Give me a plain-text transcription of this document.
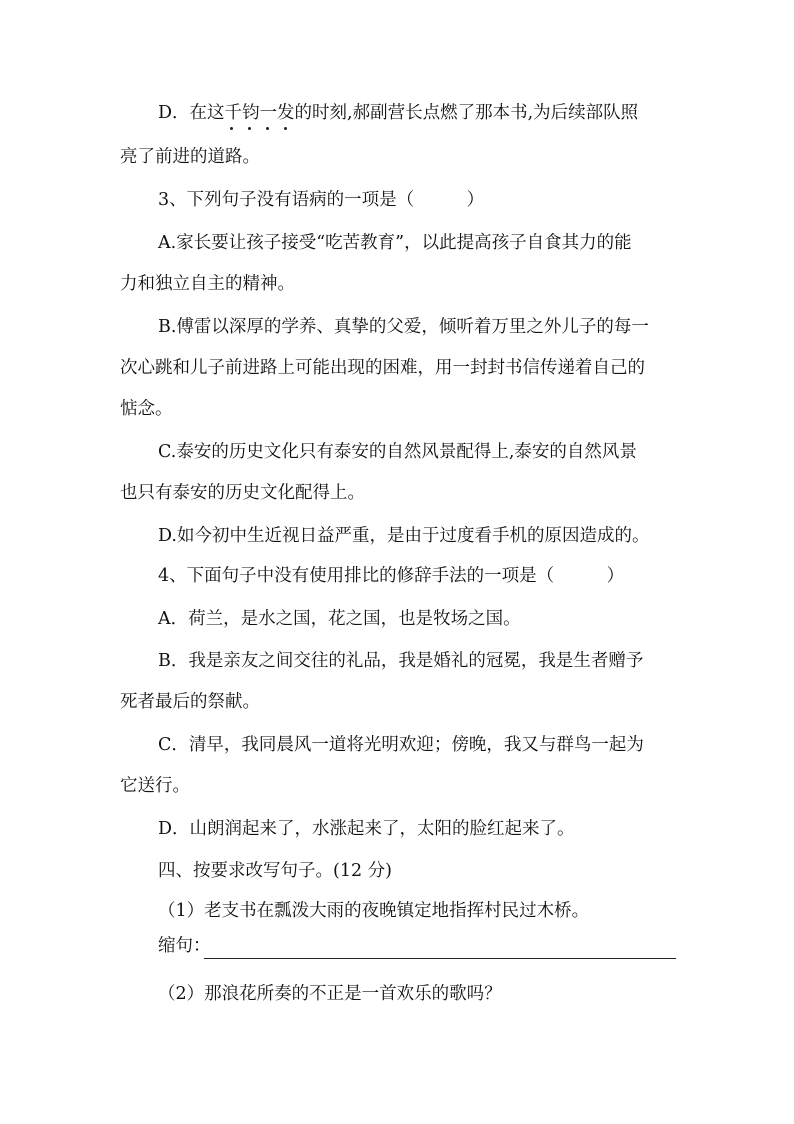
D．在这千钧一发的时刻,郝副营长点燃了那本书,为后续部队照

亮了前进的道路。

3、下列句子没有语病的一项是（　　　）

A.家长要让孩子接受“吃苦教育”，以此提高孩子自食其力的能

力和独立自主的精神。

B.傅雷以深厚的学养、真挚的父爱，倾听着万里之外儿子的每一

次心跳和儿子前进路上可能出现的困难，用一封封书信传递着自己的

惦念。

C.泰安的历史文化只有泰安的自然风景配得上,泰安的自然风景

也只有泰安的历史文化配得上。

D.如今初中生近视日益严重，是由于过度看手机的原因造成的。

4、下面句子中没有使用排比的修辞手法的一项是（　　　）

A．荷兰，是水之国，花之国，也是牧场之国。

B．我是亲友之间交往的礼品，我是婚礼的冠冕，我是生者赠予

死者最后的祭献。

C．清早，我同晨风一道将光明欢迎；傍晚，我又与群鸟一起为

它送行。

D．山朗润起来了，水涨起来了，太阳的脸红起来了。

四、按要求改写句子。(12 分)

（1）老支书在瓢泼大雨的夜晚镇定地指挥村民过木桥。

缩句：

（2）那浪花所奏的不正是一首欢乐的歌吗？
